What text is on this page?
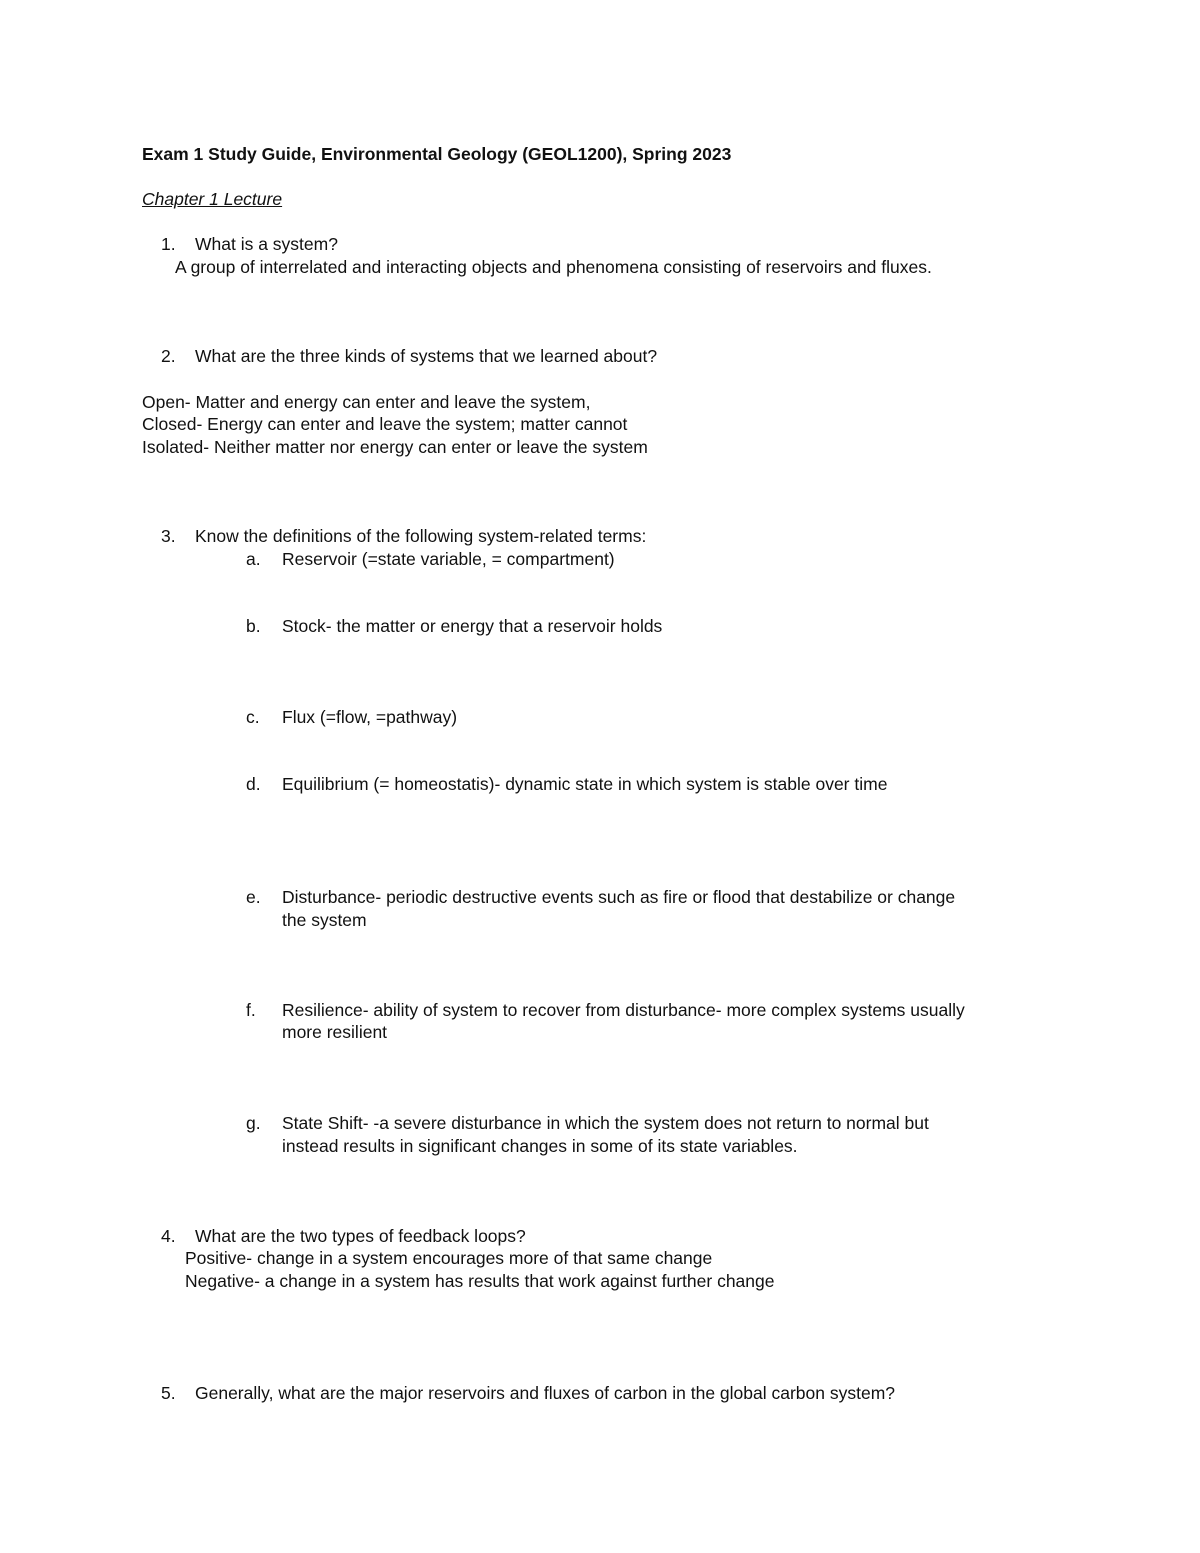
Exam 1 Study Guide, Environmental Geology (GEOL1200), Spring 2023
Chapter 1 Lecture
1. What is a system?
A group of interrelated and interacting objects and phenomena consisting of reservoirs and fluxes.
2. What are the three kinds of systems that we learned about?
Open- Matter and energy can enter and leave the system,
Closed- Energy can enter and leave the system; matter cannot
Isolated- Neither matter nor energy can enter or leave the system
3. Know the definitions of the following system-related terms:
a. Reservoir (=state variable, = compartment)
b. Stock- the matter or energy that a reservoir holds
c. Flux (=flow, =pathway)
d. Equilibrium (= homeostatis)- dynamic state in which system is stable over time
e. Disturbance- periodic destructive events such as fire or flood that destabilize or change
the system
f. Resilience- ability of system to recover from disturbance- more complex systems usually
more resilient
g. State Shift- -a severe disturbance in which the system does not return to normal but
instead results in significant changes in some of its state variables.
4. What are the two types of feedback loops?
Positive- change in a system encourages more of that same change
Negative- a change in a system has results that work against further change
5. Generally, what are the major reservoirs and fluxes of carbon in the global carbon system?
